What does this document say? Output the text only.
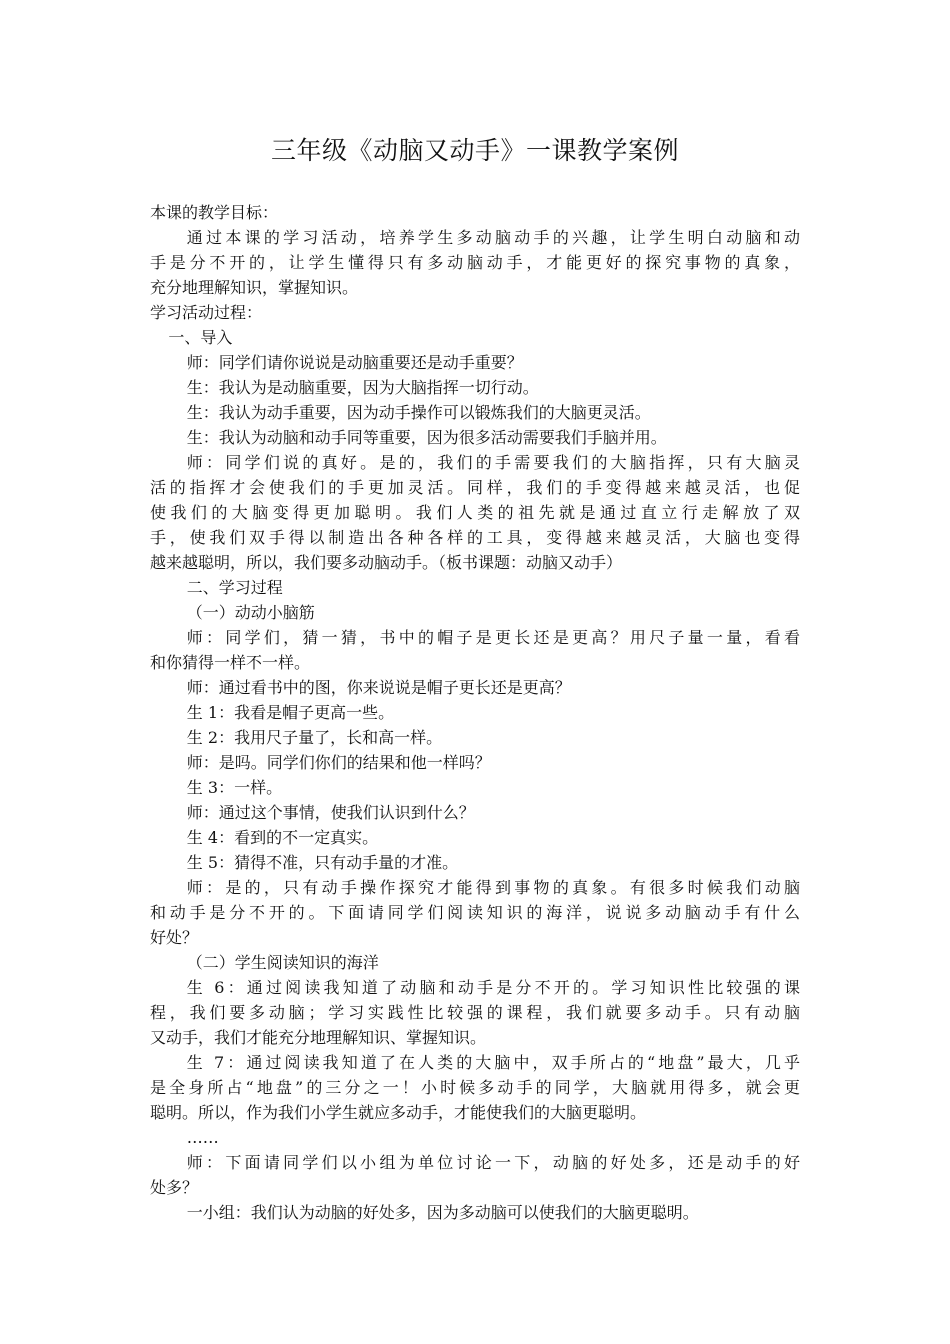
三年级《动脑又动手》一课教学案例
本课的教学目标：
通过本课的学习活动，培养学生多动脑动手的兴趣，让学生明白动脑和动
手是分不开的，让学生懂得只有多动脑动手，才能更好的探究事物的真象，
充分地理解知识，掌握知识。
学习活动过程：
一、导入
师：同学们请你说说是动脑重要还是动手重要？
生：我认为是动脑重要，因为大脑指挥一切行动。
生：我认为动手重要，因为动手操作可以锻炼我们的大脑更灵活。
生：我认为动脑和动手同等重要，因为很多活动需要我们手脑并用。
师：同学们说的真好。是的，我们的手需要我们的大脑指挥，只有大脑灵
活的指挥才会使我们的手更加灵活。同样，我们的手变得越来越灵活，也促
使我们的大脑变得更加聪明。我们人类的祖先就是通过直立行走解放了双
手，使我们双手得以制造出各种各样的工具，变得越来越灵活，大脑也变得
越来越聪明，所以，我们要多动脑动手。（板书课题：动脑又动手）
二、学习过程
（一）动动小脑筋
师：同学们，猜一猜，书中的帽子是更长还是更高？用尺子量一量，看看
和你猜得一样不一样。
师：通过看书中的图，你来说说是帽子更长还是更高？
生 1：我看是帽子更高一些。
生 2：我用尺子量了，长和高一样。
师：是吗。同学们你们的结果和他一样吗？
生 3：一样。
师：通过这个事情，使我们认识到什么？
生 4：看到的不一定真实。
生 5：猜得不准，只有动手量的才准。
师：是的，只有动手操作探究才能得到事物的真象。有很多时候我们动脑
和动手是分不开的。下面请同学们阅读知识的海洋，说说多动脑动手有什么
好处？
（二）学生阅读知识的海洋
生 6：通过阅读我知道了动脑和动手是分不开的。学习知识性比较强的课
程，我们要多动脑；学习实践性比较强的课程，我们就要多动手。只有动脑
又动手，我们才能充分地理解知识、掌握知识。
生 7：通过阅读我知道了在人类的大脑中，双手所占的“地盘”最大，几乎
是全身所占“地盘”的三分之一！小时候多动手的同学，大脑就用得多，就会更
聪明。所以，作为我们小学生就应多动手，才能使我们的大脑更聪明。
……
师：下面请同学们以小组为单位讨论一下，动脑的好处多，还是动手的好
处多？
一小组：我们认为动脑的好处多，因为多动脑可以使我们的大脑更聪明。
